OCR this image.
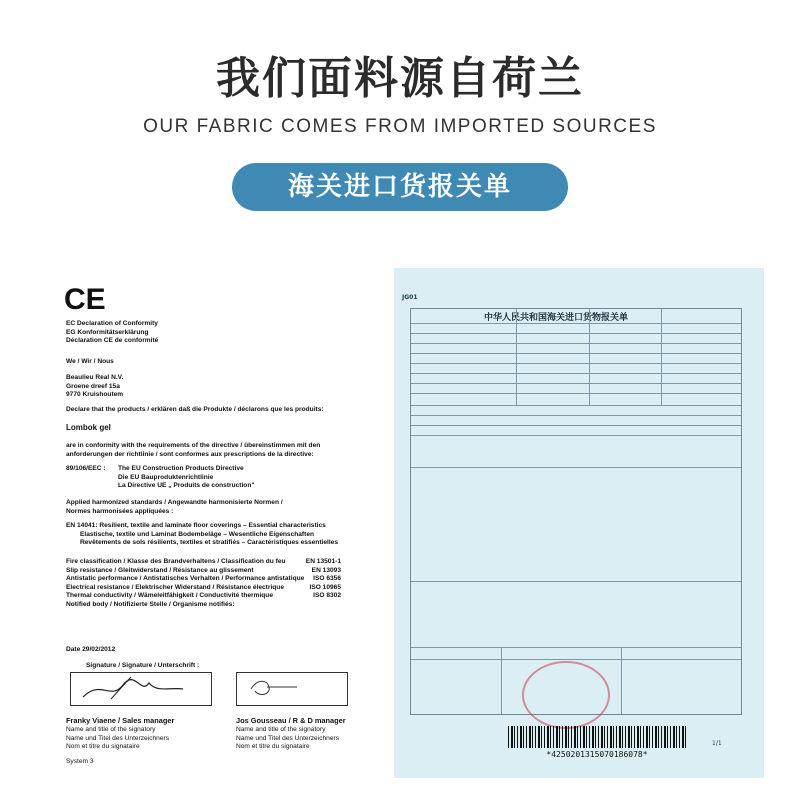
我们面料源自荷兰
OUR FABRIC COMES FROM IMPORTED SOURCES
海关进口货报关单
CE
EC Declaration of Conformity
EG Konformitätserklärung
Déclaration CE de conformité
We / Wir / Nous
Beaulieu Real N.V.
Groene dreef 15a
9770 Kruishoutem
Declare that the products / erklären daß die Produkte / déclarons que les produits:
Lombok gel
are in conformity with the requirements of the directive / übereinstimmen mit den
anforderungen der richtlinie / sont conformes aux prescriptions de la directive:
89/106/EEC : The EU Construction Products Directive
Die EU Bauproduktenrichtlinie
La Directive UE „ Produits de construction"
Applied harmonized standards / Angewandte harmonisierte Normen /
Normes harmonisées appliquées :
EN 14041: Resilient, textile and laminate floor coverings – Essential characteristics
Elastische, textile und Laminat Bodembeläge – Wesentliche Eigenschaften
Revêtements de sols résilients, textiles et stratifiés – Caractéristiques essentielles
Fire classification / Klasse des Brandverhaltens / Classification du feu	EN 13501-1
Slip resistance / Gleitwiderstand / Résistance au glissement	EN 13093
Antistatic performance / Antistatisches Verhalten / Performance antistatique ISO 6356
Electrical resistance / Elektrischer Widerstand / Résistance électrique	ISO 10965
Thermal conductivity / Wämeleitfähigkeit / Conductivité thermique	ISO 8302
Notified body / Notifizierte Stelle / Organisme notifiés:
Date 29/02/2012
Signature / Signature / Unterschrift :
Franky Viaene / Sales manager
Name and title of the signatory
Name und Titel des Unterzeichners
Nom et titre du signataire
Jos Gousseau / R & D manager
Name and title of the signatory
Name und Titel des Unterzeichners
Nom et titre du signataire
System 3
JG01
中华人民共和国海关进口货物报关单
*4250201315070186078*
1/1
